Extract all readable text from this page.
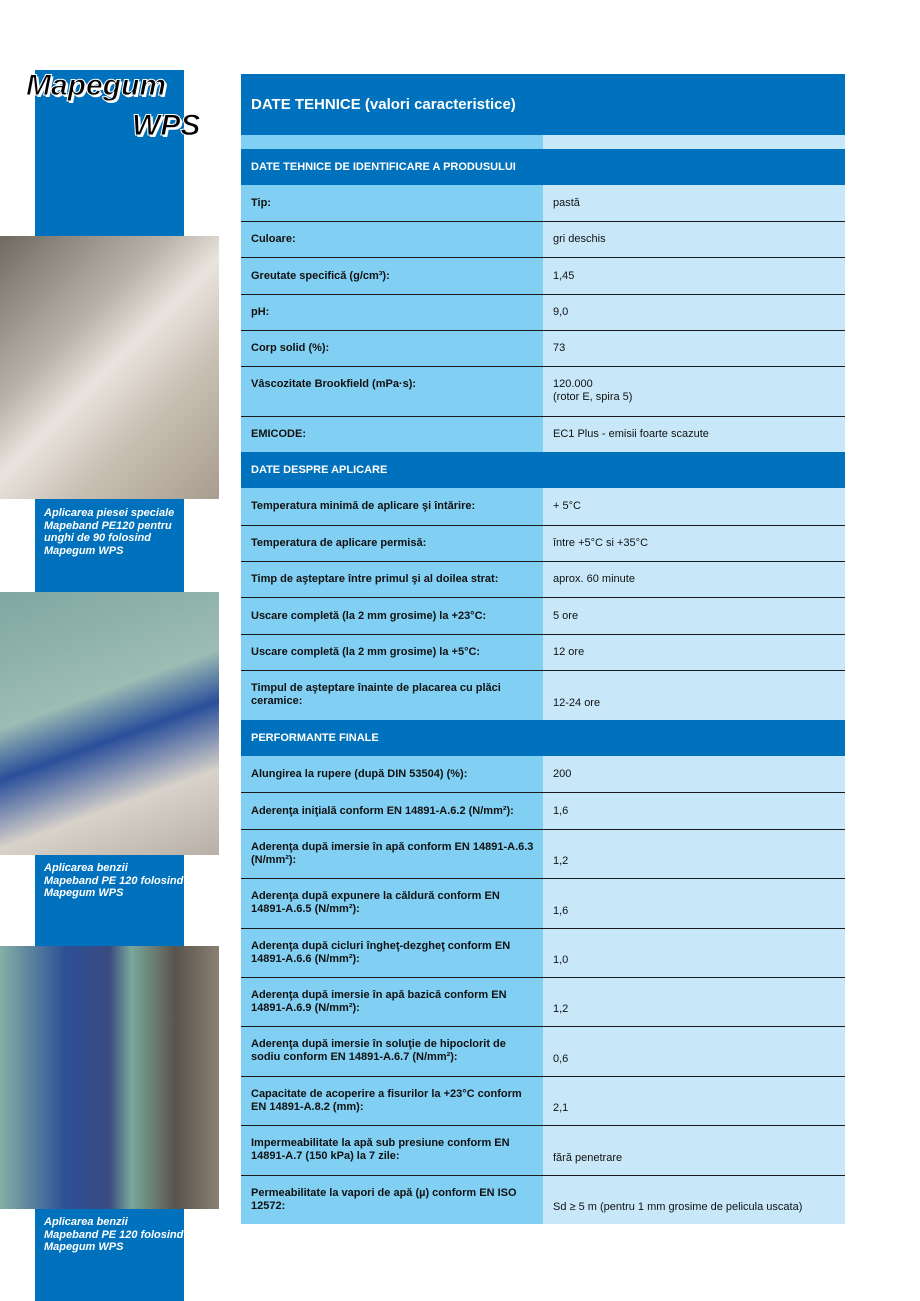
Mapegum
WPS
Aplicarea piesei speciale Mapeband PE120 pentru unghi de 90 folosind Mapegum WPS
Aplicarea benzii Mapeband PE 120 folosind Mapegum WPS
Aplicarea benzii Mapeband PE 120 folosind Mapegum WPS
DATE TEHNICE (valori caracteristice)
DATE TEHNICE DE IDENTIFICARE A PRODUSULUI
Tip:	pastă
Culoare:	gri deschis
Greutate specifică (g/cm³):	1,45
pH:	9,0
Corp solid (%):	73
Vâscozitate Brookfield (mPa·s):	120.000
(rotor E, spira 5)
EMICODE:	EC1 Plus - emisii foarte scazute
DATE DESPRE APLICARE
Temperatura minimă de aplicare şi întărire:	+ 5°C
Temperatura de aplicare permisă:	între +5°C si +35°C
Timp de aşteptare între primul şi al doilea strat:	aprox. 60 minute
Uscare completă (la 2 mm grosime) la +23°C:	5 ore
Uscare completă (la 2 mm grosime) la +5°C:	12 ore
Timpul de aşteptare înainte de placarea cu plăci ceramice:	12-24 ore
PERFORMANTE FINALE
Alungirea la rupere (după DIN 53504) (%):	200
Aderenţa iniţială conform EN 14891-A.6.2 (N/mm²):	1,6
Aderenţa după imersie în apă conform EN 14891-A.6.3 (N/mm²):	1,2
Aderenţa după expunere la căldură conform EN 14891-A.6.5 (N/mm²):	1,6
Aderenţa după cicluri îngheţ-dezgheţ conform EN 14891-A.6.6 (N/mm²):	1,0
Aderenţa după imersie în apă bazică conform EN 14891-A.6.9 (N/mm²):	1,2
Aderenţa după imersie în soluţie de hipoclorit de sodiu conform EN 14891-A.6.7 (N/mm²):	0,6
Capacitate de acoperire a fisurilor la +23°C conform EN 14891-A.8.2 (mm):	2,1
Impermeabilitate la apă sub presiune conform EN 14891-A.7 (150 kPa) la 7 zile:	fără penetrare
Permeabilitate la vapori de apă (µ) conform EN ISO 12572:	Sd ≥ 5 m (pentru 1 mm grosime de pelicula uscata)
